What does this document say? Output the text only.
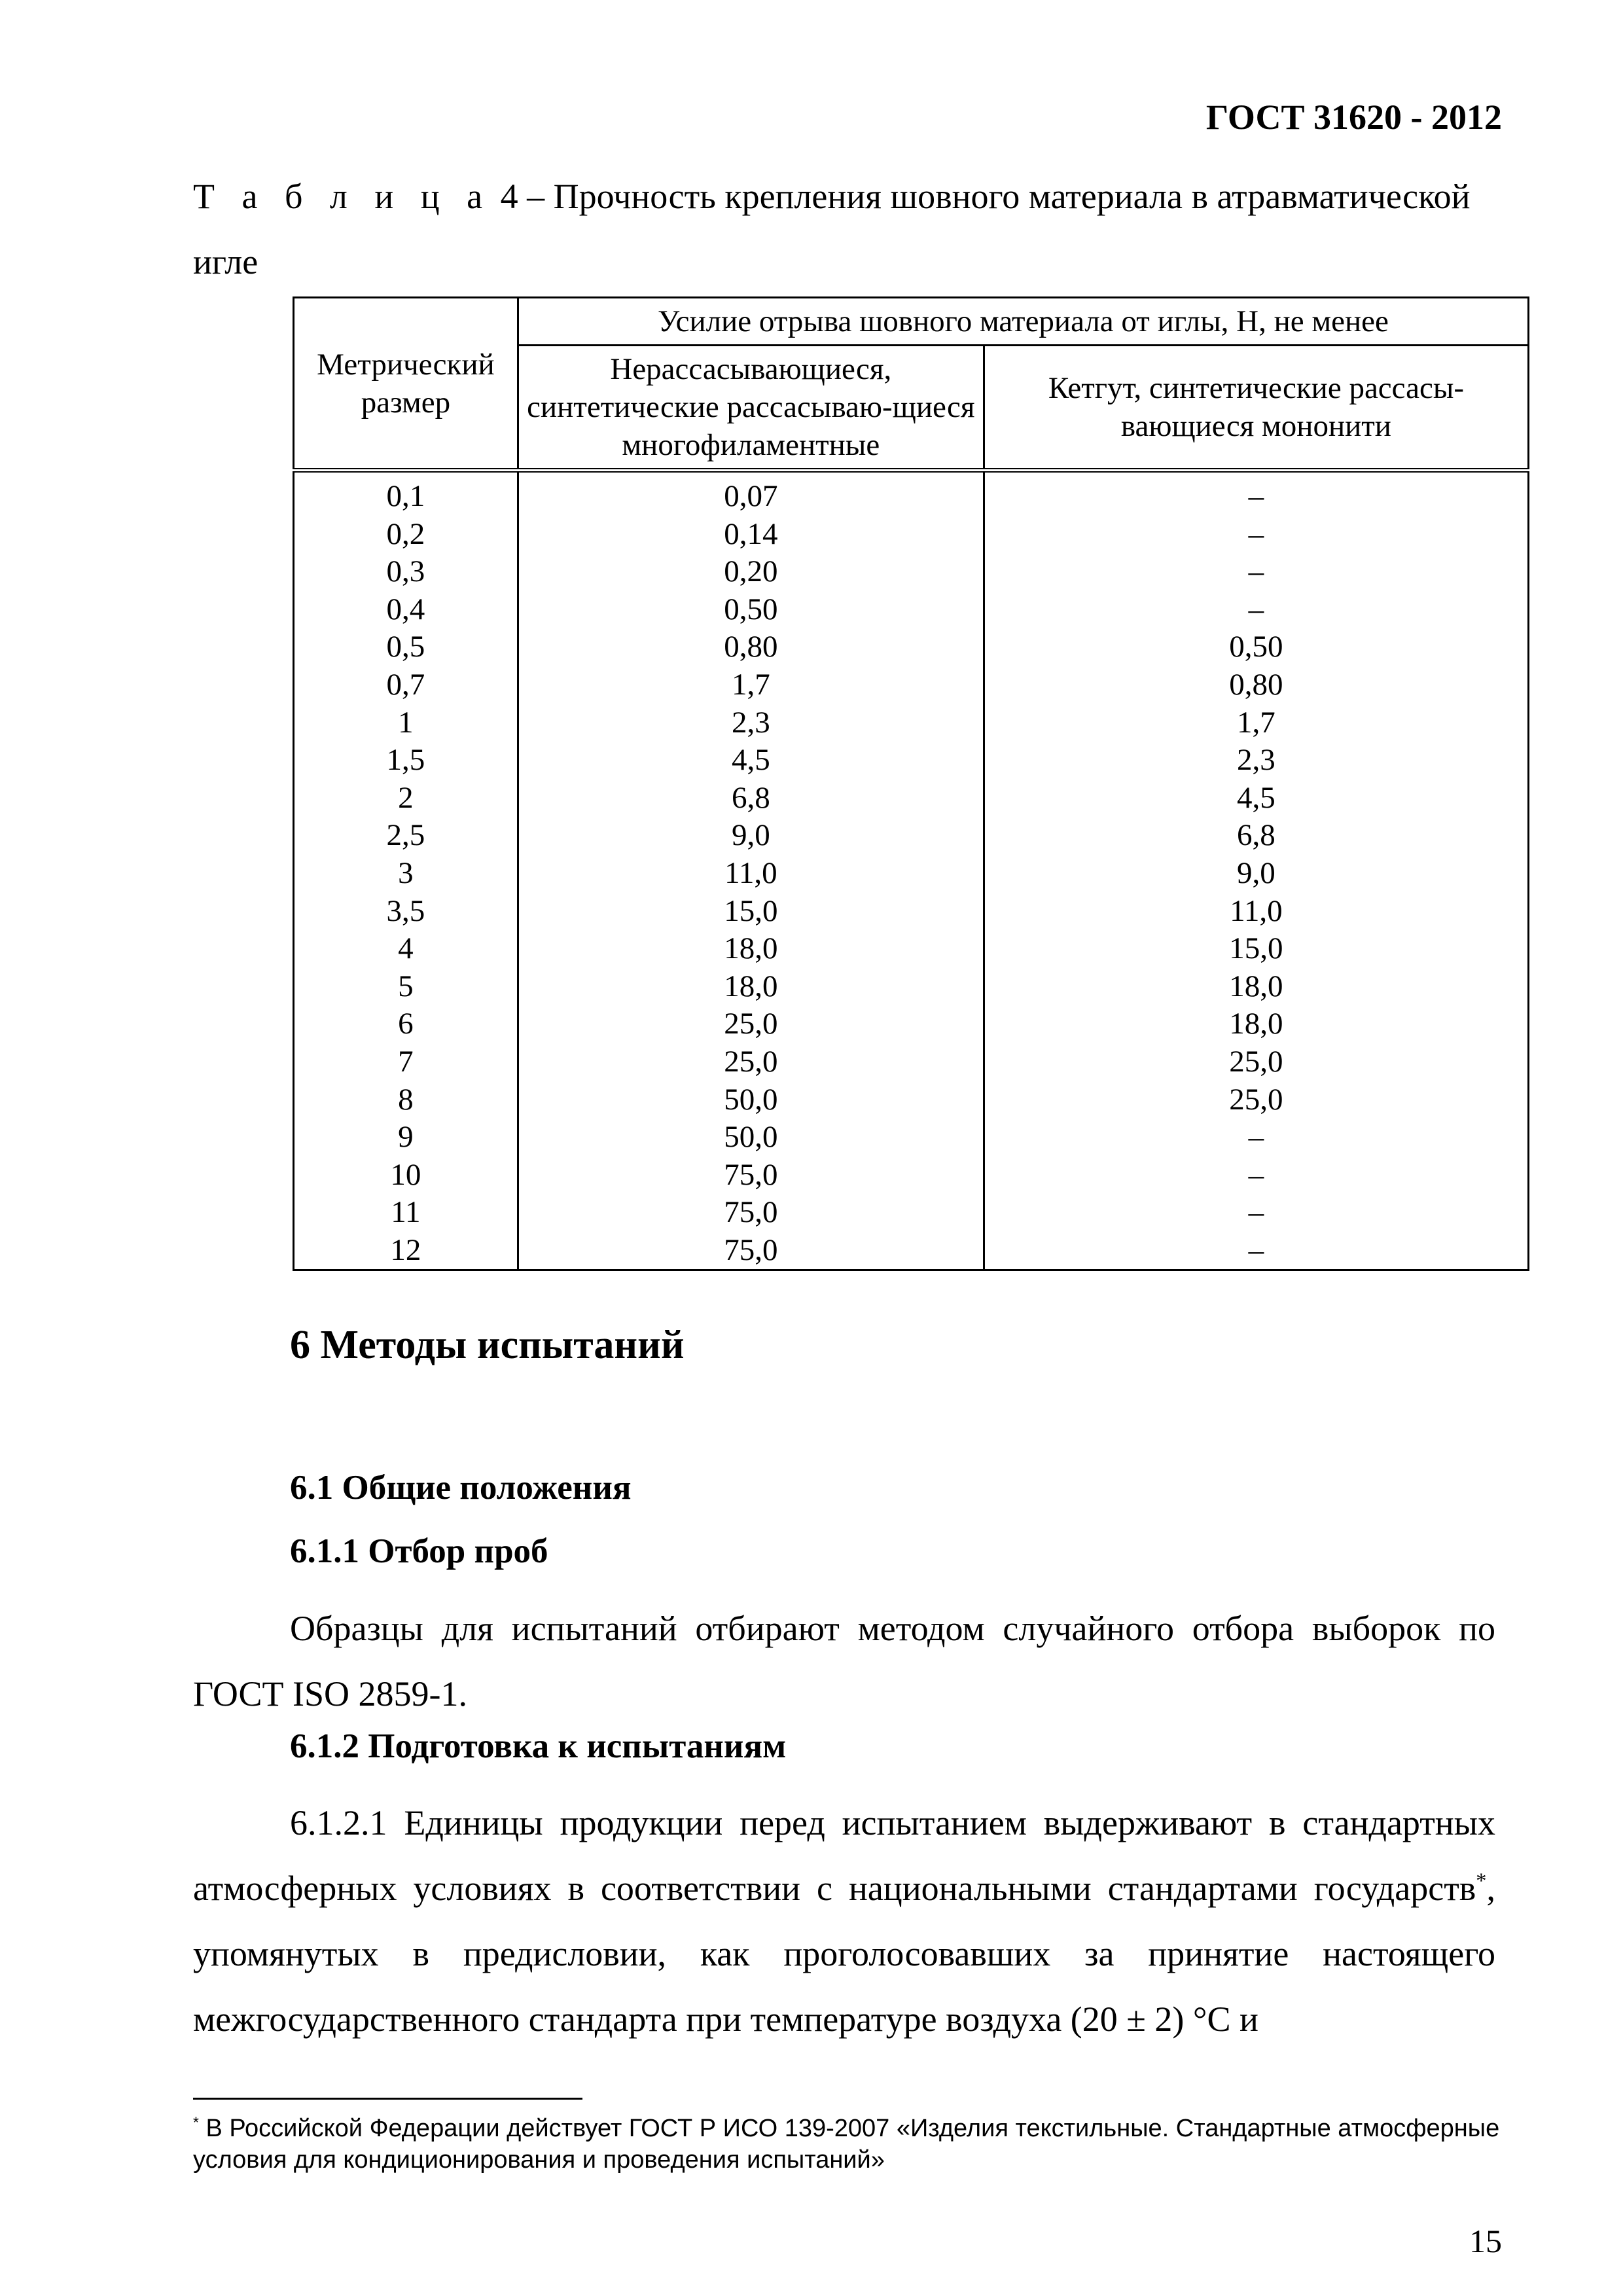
ГОСТ 31620 - 2012
Т а б л и ц а 4 – Прочность крепления шовного материала в атравматической игле
Метрический размер	Усилие отрыва шовного материала от иглы, Н, не менее	
	Нерассасывающиеся, синтетические рассасываю-щиеся многофиламентные	Кетгут, синтетические рассасы-вающиеся мононити
0,1	0,07	–
0,2	0,14	–
0,3	0,20	–
0,4	0,50	–
0,5	0,80	0,50
0,7	1,7	0,80
1	2,3	1,7
1,5	4,5	2,3
2	6,8	4,5
2,5	9,0	6,8
3	11,0	9,0
3,5	15,0	11,0
4	18,0	15,0
5	18,0	18,0
6	25,0	18,0
7	25,0	25,0
8	50,0	25,0
9	50,0	–
10	75,0	–
11	75,0	–
12	75,0	–
6 Методы испытаний
6.1 Общие положения
6.1.1 Отбор проб
Образцы для испытаний отбирают методом случайного отбора выборок по ГОСТ ISO 2859-1.
6.1.2 Подготовка к испытаниям
6.1.2.1 Единицы продукции перед испытанием выдерживают в стандартных атмосферных условиях в соответствии с национальными стандартами государств*, упомянутых в предисловии, как проголосовавших за принятие настоящего межгосударственного стандарта при температуре воздуха (20 ± 2) °С и
* В Российской Федерации действует ГОСТ Р ИСО 139-2007 «Изделия текстильные. Стандартные атмосферные условия для кондиционирования и проведения испытаний»
15
